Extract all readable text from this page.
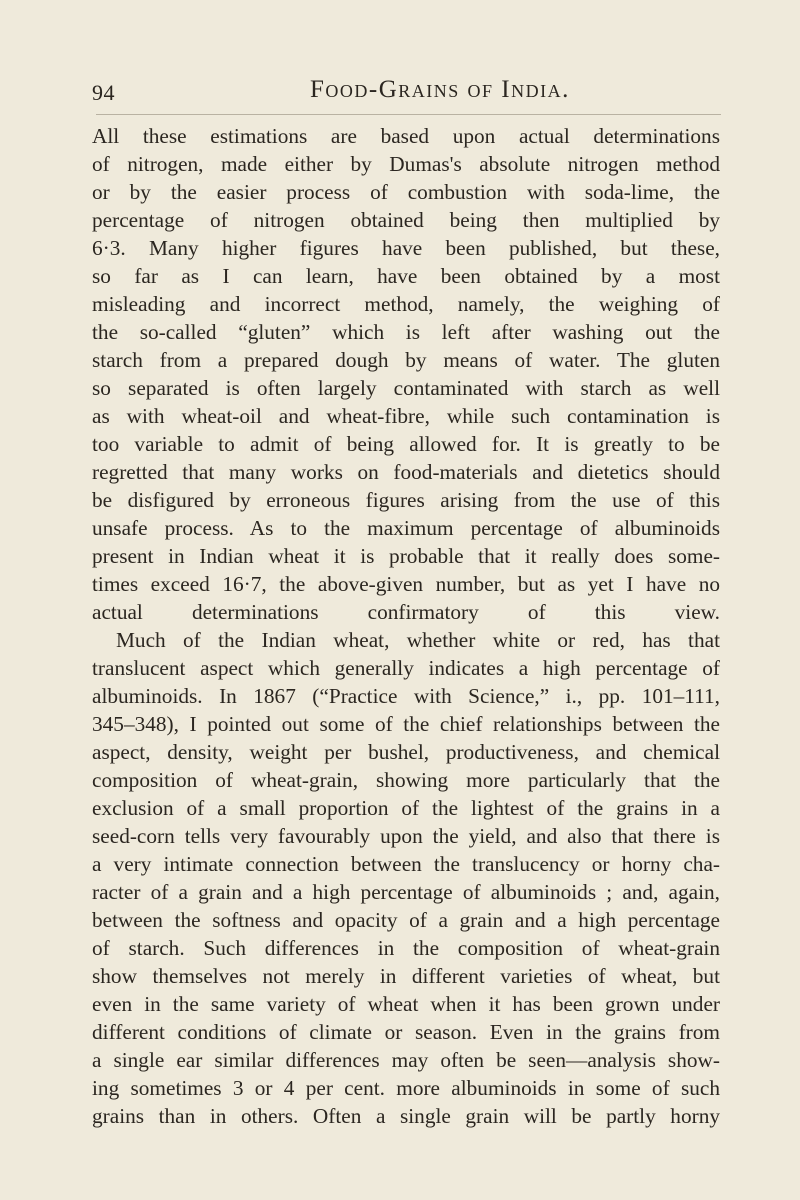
94	Food-Grains of India.
All these estimations are based upon actual determinations
of nitrogen, made either by Dumas's absolute nitrogen method
or by the easier process of combustion with soda-lime, the
percentage of nitrogen obtained being then multiplied by
6·3. Many higher figures have been published, but these,
so far as I can learn, have been obtained by a most
misleading and incorrect method, namely, the weighing of
the so-called “gluten” which is left after washing out the
starch from a prepared dough by means of water. The gluten
so separated is often largely contaminated with starch as well
as with wheat-oil and wheat-fibre, while such contamination is
too variable to admit of being allowed for. It is greatly to be
regretted that many works on food-materials and dietetics should
be disfigured by erroneous figures arising from the use of this
unsafe process. As to the maximum percentage of albuminoids
present in Indian wheat it is probable that it really does some-
times exceed 16·7, the above-given number, but as yet I have no
actual determinations confirmatory of this view.
Much of the Indian wheat, whether white or red, has that
translucent aspect which generally indicates a high percentage of
albuminoids. In 1867 (“Practice with Science,” i., pp. 101–111,
345–348), I pointed out some of the chief relationships between the
aspect, density, weight per bushel, productiveness, and chemical
composition of wheat-grain, showing more particularly that the
exclusion of a small proportion of the lightest of the grains in a
seed-corn tells very favourably upon the yield, and also that there is
a very intimate connection between the translucency or horny cha-
racter of a grain and a high percentage of albuminoids ; and, again,
between the softness and opacity of a grain and a high percentage
of starch. Such differences in the composition of wheat-grain
show themselves not merely in different varieties of wheat, but
even in the same variety of wheat when it has been grown under
different conditions of climate or season. Even in the grains from
a single ear similar differences may often be seen—analysis show-
ing sometimes 3 or 4 per cent. more albuminoids in some of such
grains than in others. Often a single grain will be partly horny
